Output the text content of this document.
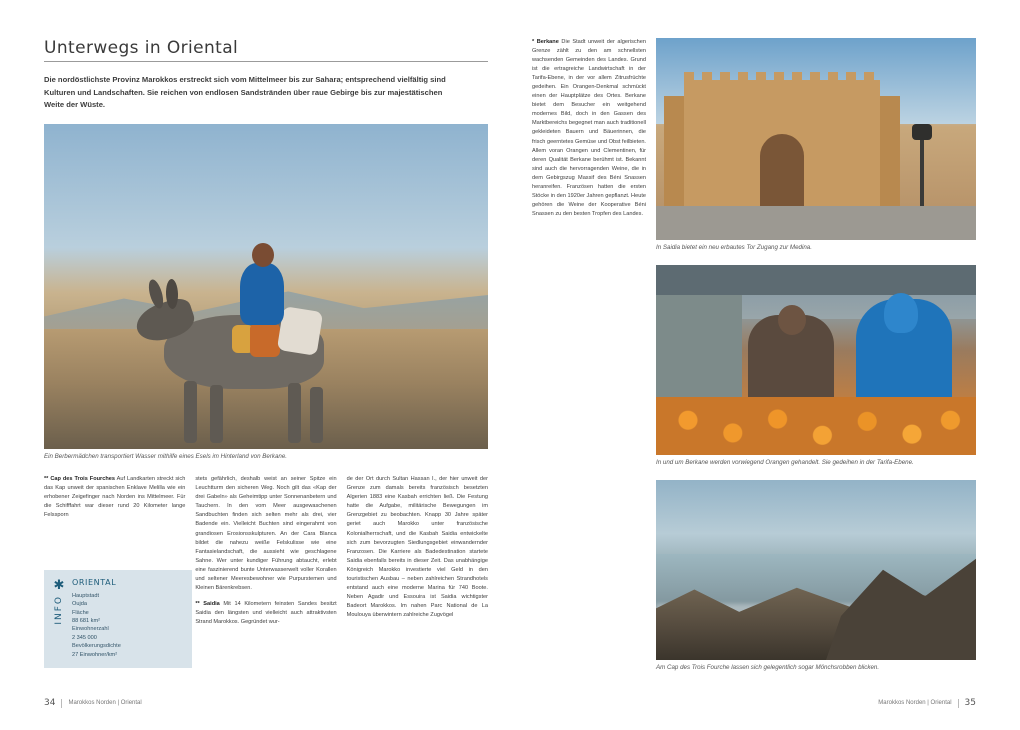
Unterwegs in Oriental

Die nordöstlichste Provinz Marokkos erstreckt sich vom Mittelmeer bis zur Sahara; entsprechend vielfältig sind Kulturen und Landschaften. Sie reichen von endlosen Sandstränden über raue Gebirge bis zur majestätischen Weite der Wüste.

Ein Berbermädchen transportiert Wasser mithilfe eines Esels im Hinterland von Berkane.

** Cap des Trois Fourches Auf Landkarten streckt sich das Kap unweit der spanischen Enklave Melilla wie ein erhobener Zeigefinger nach Norden ins Mittelmeer. Für die Schifffahrt war dieser rund 20 Kilometer lange Felssporn

stets gefährlich, deshalb weist an seiner Spitze ein Leuchtturm den sicheren Weg. Noch gilt das «Kap der drei Gabeln» als Geheimtipp unter Sonnenanbetern und Tauchern. In den vom Meer ausgewaschenen Sandbuchten finden sich selten mehr als drei, vier Badende ein. Vielleicht Buchten sind eingerahmt von grandiosen Erosionsskulpturen. An der Cara Blanca bildet die nahezu weiße Felskulisse wie eine Fantasielandschaft, die aussieht wie geschlagene Sahne. Wer unter kundiger Führung abtaucht, erlebt eine faszinierend bunte Unterwasserwelt voller Korallen und seltener Meeresbewohner wie Purpurstemen und Kleinen Bärenkrebsen.

** Saidia Mit 14 Kilometern feinsten Sandes besitzt Saidia den längsten und vielleicht auch attraktivsten Strand Marokkos. Gegründet wur-

de der Ort durch Sultan Hassan I., der hier unweit der Grenze zum damals bereits französisch besetzten Algerien 1883 eine Kasbah errichten ließ. Die Festung hatte die Aufgabe, militärische Bewegungen im Grenzgebiet zu beobachten. Knapp 30 Jahre später geriet auch Marokko unter französische Kolonialherrschaft, und die Kasbah Saidia entwickelte sich zum bevorzugten Siedlungsgebiet einwandernder Franzosen. Die Karriere als Badedestination startete Saidia ebenfalls bereits in dieser Zeit. Das unabhängige Königreich Marokko investierte viel Geld in den touristischen Ausbau – neben zahlreichen Strandhotels entstand auch eine moderne Marina für 740 Boote. Neben Agadir und Essouira ist Saidia wichtigster Badeort Marokkos. Im nahen Parc National de La Moulouya überwintern zahlreiche Zugvögel

✱
INFO
ORIENTAL
Hauptstadt
Oujda
Fläche
88 681 km²
Einwohnerzahl
2 345 000
Bevölkerungsdichte
27 Einwohner/km²
34 Marokkos Norden | Oriental

* Berkane Die Stadt unweit der algerischen Grenze zählt zu den am schnellsten wachsenden Gemeinden des Landes. Grund ist die ertragreiche Landwirtschaft in der Tarifa-Ebene, in der vor allem Zitrusfrüchte gedeihen. Ein Orangen-Denkmal schmückt einen der Hauptplätze des Ortes. Berkane bietet dem Besucher ein weitgehend modernes Bild, doch in den Gassen des Marktbereichs begegnet man auch traditionell gekleideten Bauern und Bäuerinnen, die frisch geerntetes Gemüse und Obst feilbieten. Allem voran Orangen und Clementinen, für deren Qualität Berkane berühmt ist. Bekannt sind auch die hervorragenden Weine, die in dem Gebirgszug Massif des Béni Snassen heranreifen. Französen hatten die ersten Stöcke in den 1920er Jahren gepflanzt. Heute gehören die Weine der Kooperative Béni Snassen zu den besten Tropfen des Landes.

In Saidia bietet ein neu erbautes Tor Zugang zur Medina.

In und um Berkane werden vorwiegend Orangen gehandelt. Sie gedeihen in der Tarifa-Ebene.

Am Cap des Trois Fourche lassen sich gelegentlich sogar Mönchsrobben blicken.

Marokkos Norden | Oriental 35
